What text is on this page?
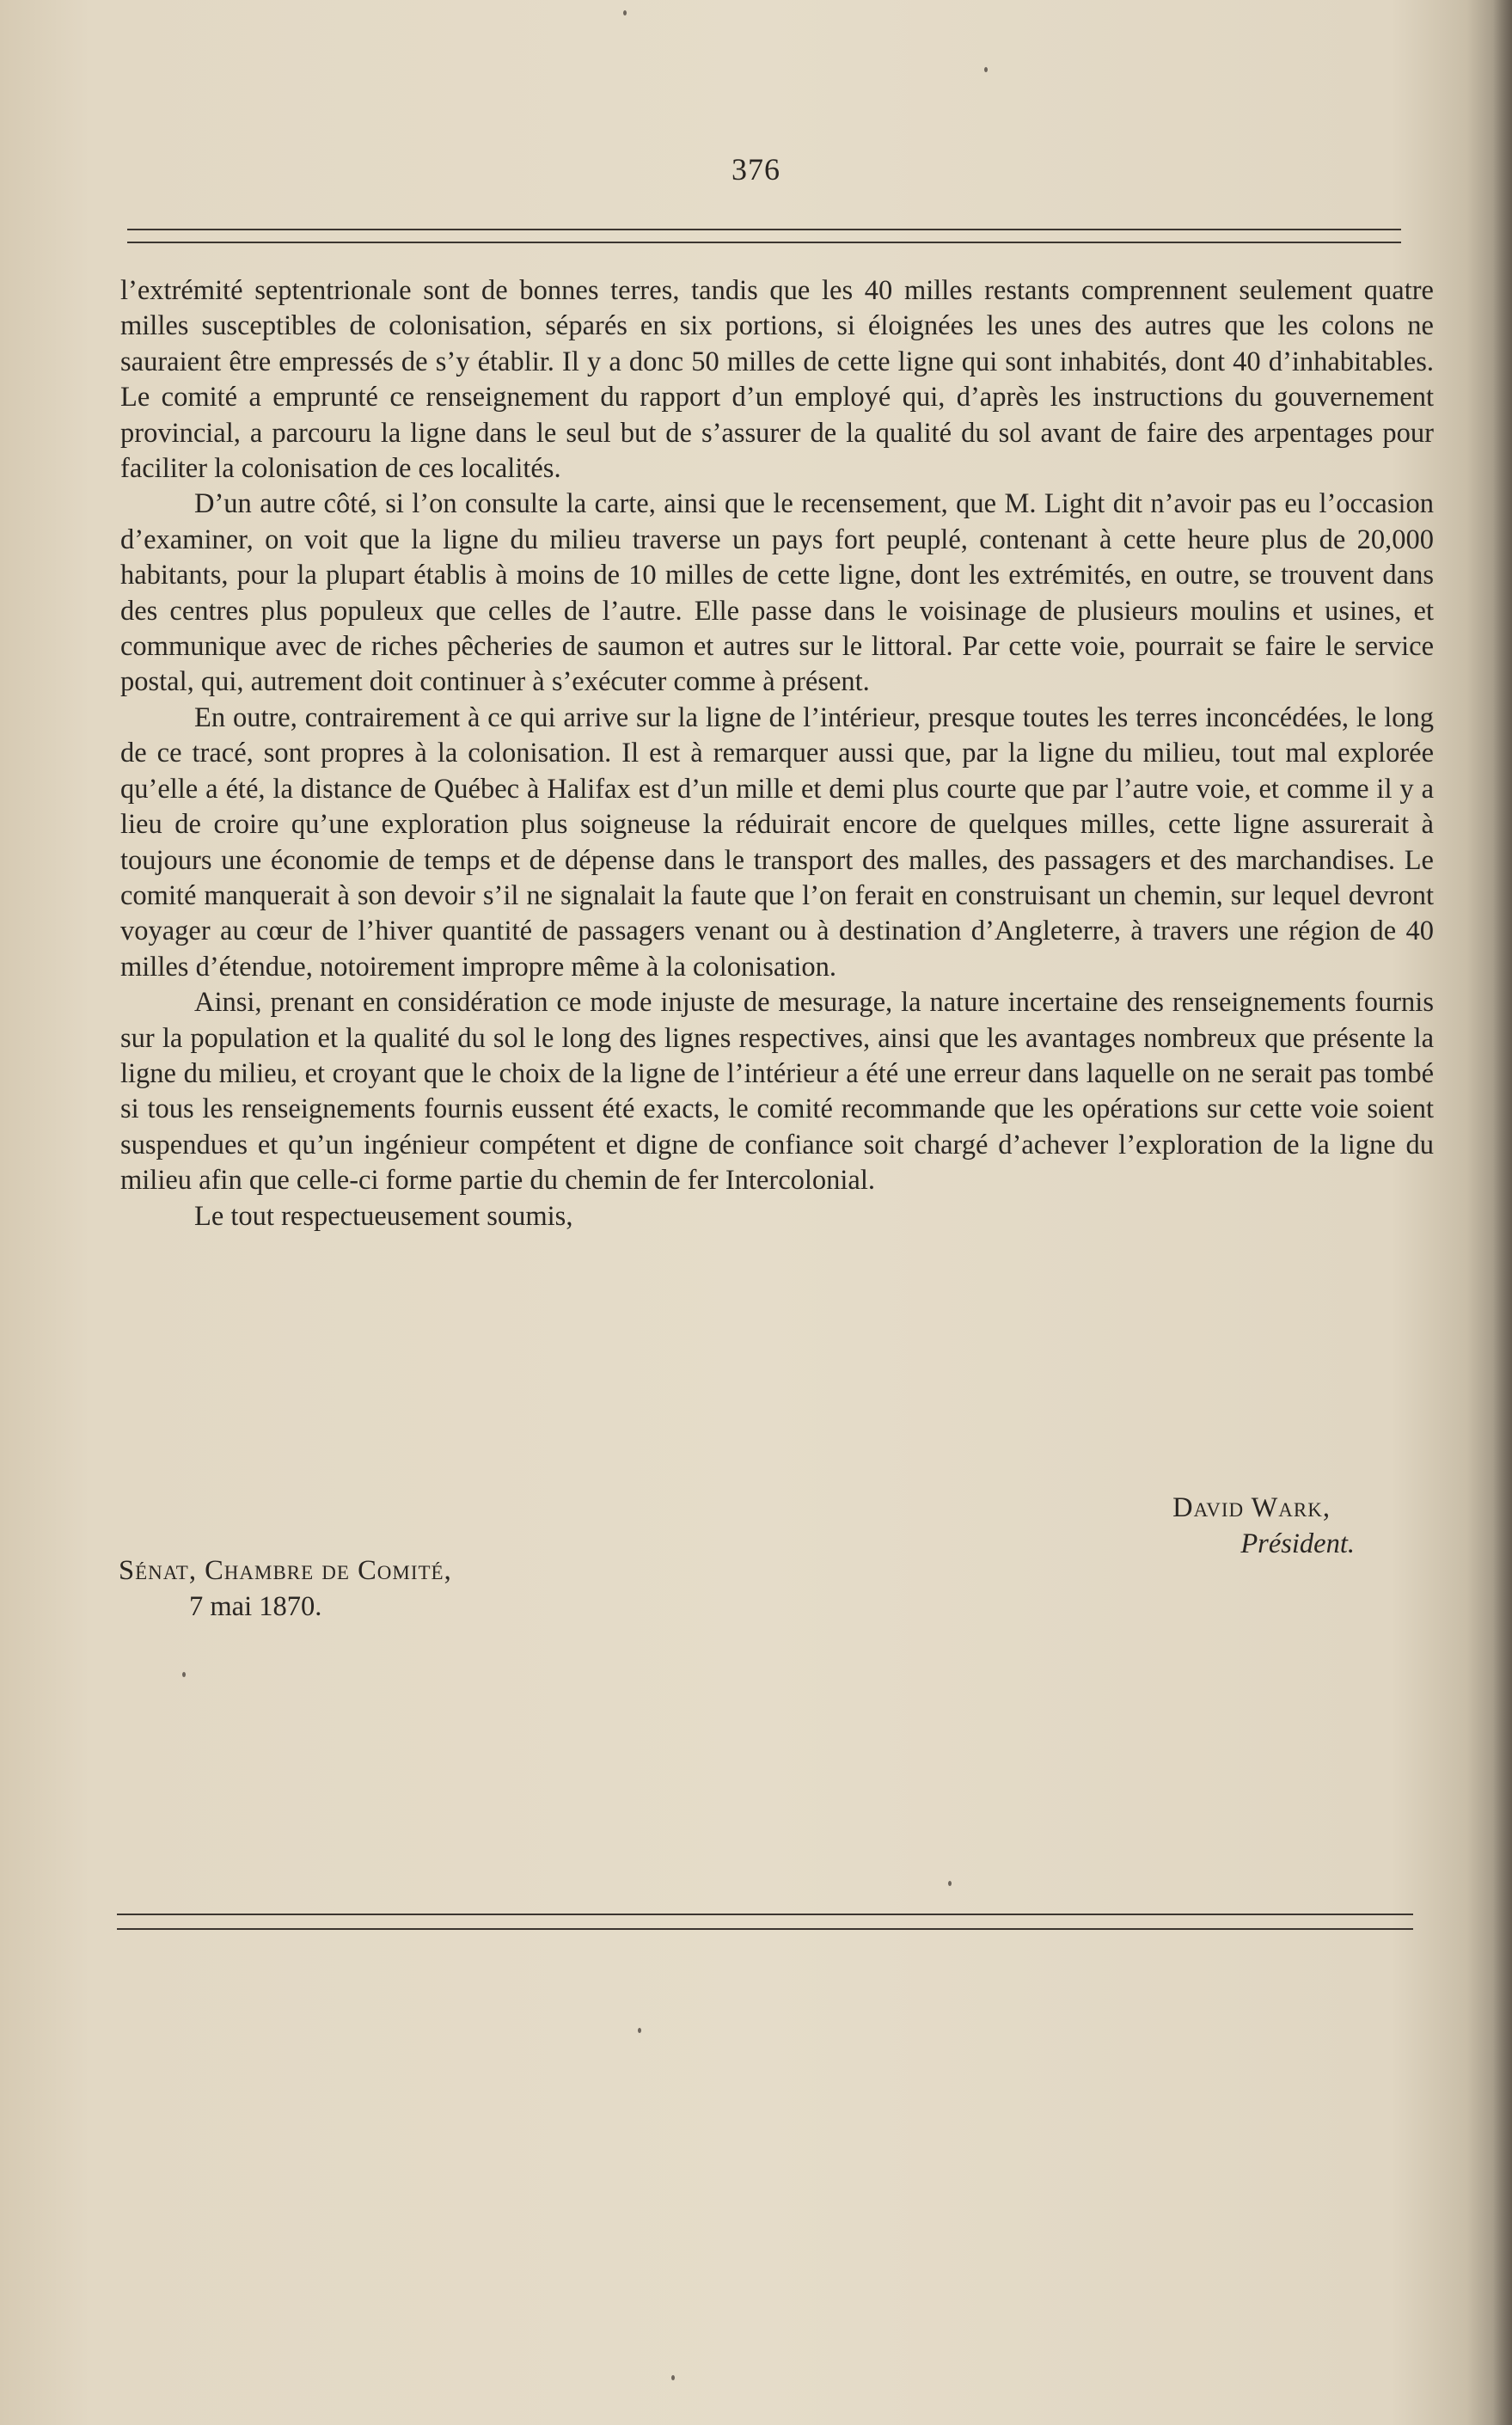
376

l’extrémité septentrionale sont de bonnes terres, tandis que les 40 milles restants comprennent seulement quatre milles susceptibles de colonisation, séparés en six portions, si éloignées les unes des autres que les colons ne sauraient être empressés de s’y établir. Il y a donc 50 milles de cette ligne qui sont inhabités, dont 40 d’inhabitables. Le comité a emprunté ce renseignement du rapport d’un employé qui, d’après les instructions du gouvernement provincial, a parcouru la ligne dans le seul but de s’assurer de la qualité du sol avant de faire des arpentages pour faciliter la colonisation de ces localités.

D’un autre côté, si l’on consulte la carte, ainsi que le recensement, que M. Light dit n’avoir pas eu l’occasion d’examiner, on voit que la ligne du milieu traverse un pays fort peuplé, contenant à cette heure plus de 20,000 habitants, pour la plupart établis à moins de 10 milles de cette ligne, dont les extrémités, en outre, se trouvent dans des centres plus populeux que celles de l’autre. Elle passe dans le voisinage de plusieurs moulins et usines, et communique avec de riches pêcheries de saumon et autres sur le littoral. Par cette voie, pourrait se faire le service postal, qui, autrement doit continuer à s’exécuter comme à présent.

En outre, contrairement à ce qui arrive sur la ligne de l’intérieur, presque toutes les terres inconcédées, le long de ce tracé, sont propres à la colonisation. Il est à remarquer aussi que, par la ligne du milieu, tout mal explorée qu’elle a été, la distance de Québec à Halifax est d’un mille et demi plus courte que par l’autre voie, et comme il y a lieu de croire qu’une exploration plus soigneuse la réduirait encore de quelques milles, cette ligne assurerait à toujours une économie de temps et de dépense dans le transport des malles, des passagers et des marchandises. Le comité manquerait à son devoir s’il ne signalait la faute que l’on ferait en construisant un chemin, sur lequel devront voyager au cœur de l’hiver quantité de passagers venant ou à destination d’Angleterre, à travers une région de 40 milles d’étendue, notoirement impropre même à la colonisation.

Ainsi, prenant en considération ce mode injuste de mesurage, la nature incertaine des renseignements fournis sur la population et la qualité du sol le long des lignes respectives, ainsi que les avantages nombreux que présente la ligne du milieu, et croyant que le choix de la ligne de l’intérieur a été une erreur dans laquelle on ne serait pas tombé si tous les renseignements fournis eussent été exacts, le comité recommande que les opérations sur cette voie soient suspendues et qu’un ingénieur compétent et digne de confiance soit chargé d’achever l’exploration de la ligne du milieu afin que celle-ci forme partie du chemin de fer Intercolonial.

Le tout respectueusement soumis,

David Wark,
Président.
Sénat, Chambre de Comité,
7 mai 1870.
